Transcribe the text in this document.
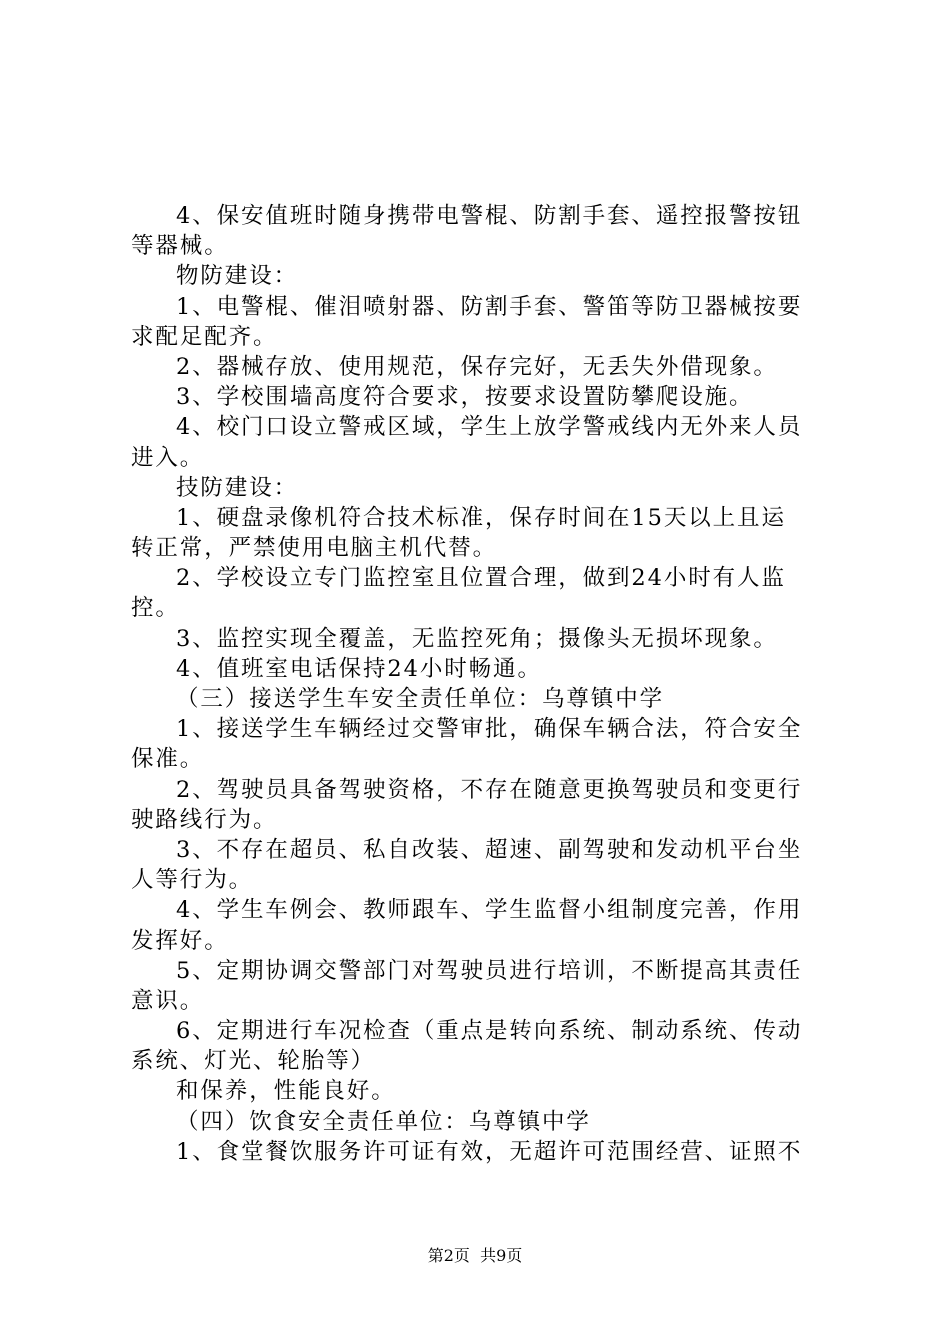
4、保安值班时随身携带电警棍、防割手套、遥控报警按钮
等器械。
物防建设：
1、电警棍、催泪喷射器、防割手套、警笛等防卫器械按要
求配足配齐。
2、器械存放、使用规范，保存完好，无丢失外借现象。
3、学校围墙高度符合要求，按要求设置防攀爬设施。
4、校门口设立警戒区域，学生上放学警戒线内无外来人员
进入。
技防建设：
1、硬盘录像机符合技术标准，保存时间在15天以上且运
转正常，严禁使用电脑主机代替。
2、学校设立专门监控室且位置合理，做到24小时有人监
控。
3、监控实现全覆盖，无监控死角；摄像头无损坏现象。
4、值班室电话保持24小时畅通。
（三）接送学生车安全责任单位：乌尊镇中学
1、接送学生车辆经过交警审批，确保车辆合法，符合安全
保准。
2、驾驶员具备驾驶资格，不存在随意更换驾驶员和变更行
驶路线行为。
3、不存在超员、私自改装、超速、副驾驶和发动机平台坐
人等行为。
4、学生车例会、教师跟车、学生监督小组制度完善，作用
发挥好。
5、定期协调交警部门对驾驶员进行培训，不断提高其责任
意识。
6、定期进行车况检查（重点是转向系统、制动系统、传动
系统、灯光、轮胎等）
和保养，性能良好。
（四）饮食安全责任单位：乌尊镇中学
1、食堂餐饮服务许可证有效，无超许可范围经营、证照不
第2页  共9页
